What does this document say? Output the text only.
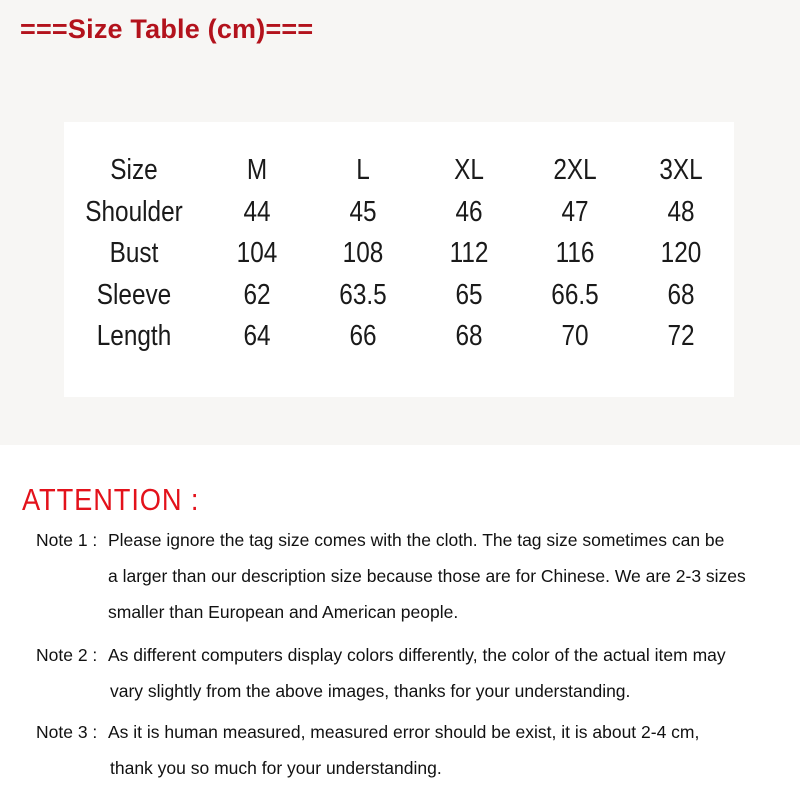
===Size Table (cm)===
Size	M	L	XL	2XL	3XL
Shoulder	44	45	46	47	48
Bust	104	108	112	116	120
Sleeve	62	63.5	65	66.5	68
Length	64	66	68	70	72
ATTENTION :
Note 1 : Please ignore the tag size comes with the cloth. The tag size sometimes can be
a larger than our description size because those are for Chinese. We are 2-3 sizes
smaller than European and American people.
Note 2 : As different computers display colors differently, the color of the actual item may
vary slightly from the above images, thanks for your understanding.
Note 3 : As it is human measured, measured error should be exist, it is about 2-4 cm,
thank you so much for your understanding.
